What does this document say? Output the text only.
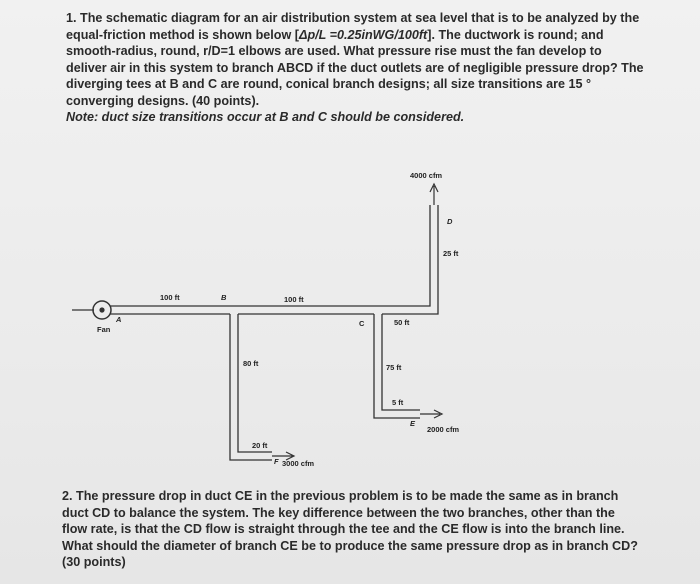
1. The schematic diagram for an air distribution system at sea level that is to be analyzed by the

equal-friction method is shown below [Δp/L =0.25inWG/100ft]. The ductwork is round; and

smooth-radius, round, r/D=1 elbows are used. What pressure rise must the fan develop to

deliver air in this system to branch ABCD if the duct outlets are of negligible pressure drop? The

diverging tees at B and C are round, conical branch designs; all size transitions are 15 °

converging designs. (40 points).

Note: duct size transitions occur at B and C should be considered.

4000 cfm
D
25 ft
100 ft	B	100 ft
C	50 ft
A
Fan
80 ft	75 ft
5 ft
E
2000 cfm
20 ft
F 3000 cfm

2. The pressure drop in duct CE in the previous problem is to be made the same as in branch

duct CD to balance the system. The key difference between the two branches, other than the

flow rate, is that the CD flow is straight through the tee and the CE flow is into the branch line.

What should the diameter of branch CE be to produce the same pressure drop as in branch CD?

(30 points)
